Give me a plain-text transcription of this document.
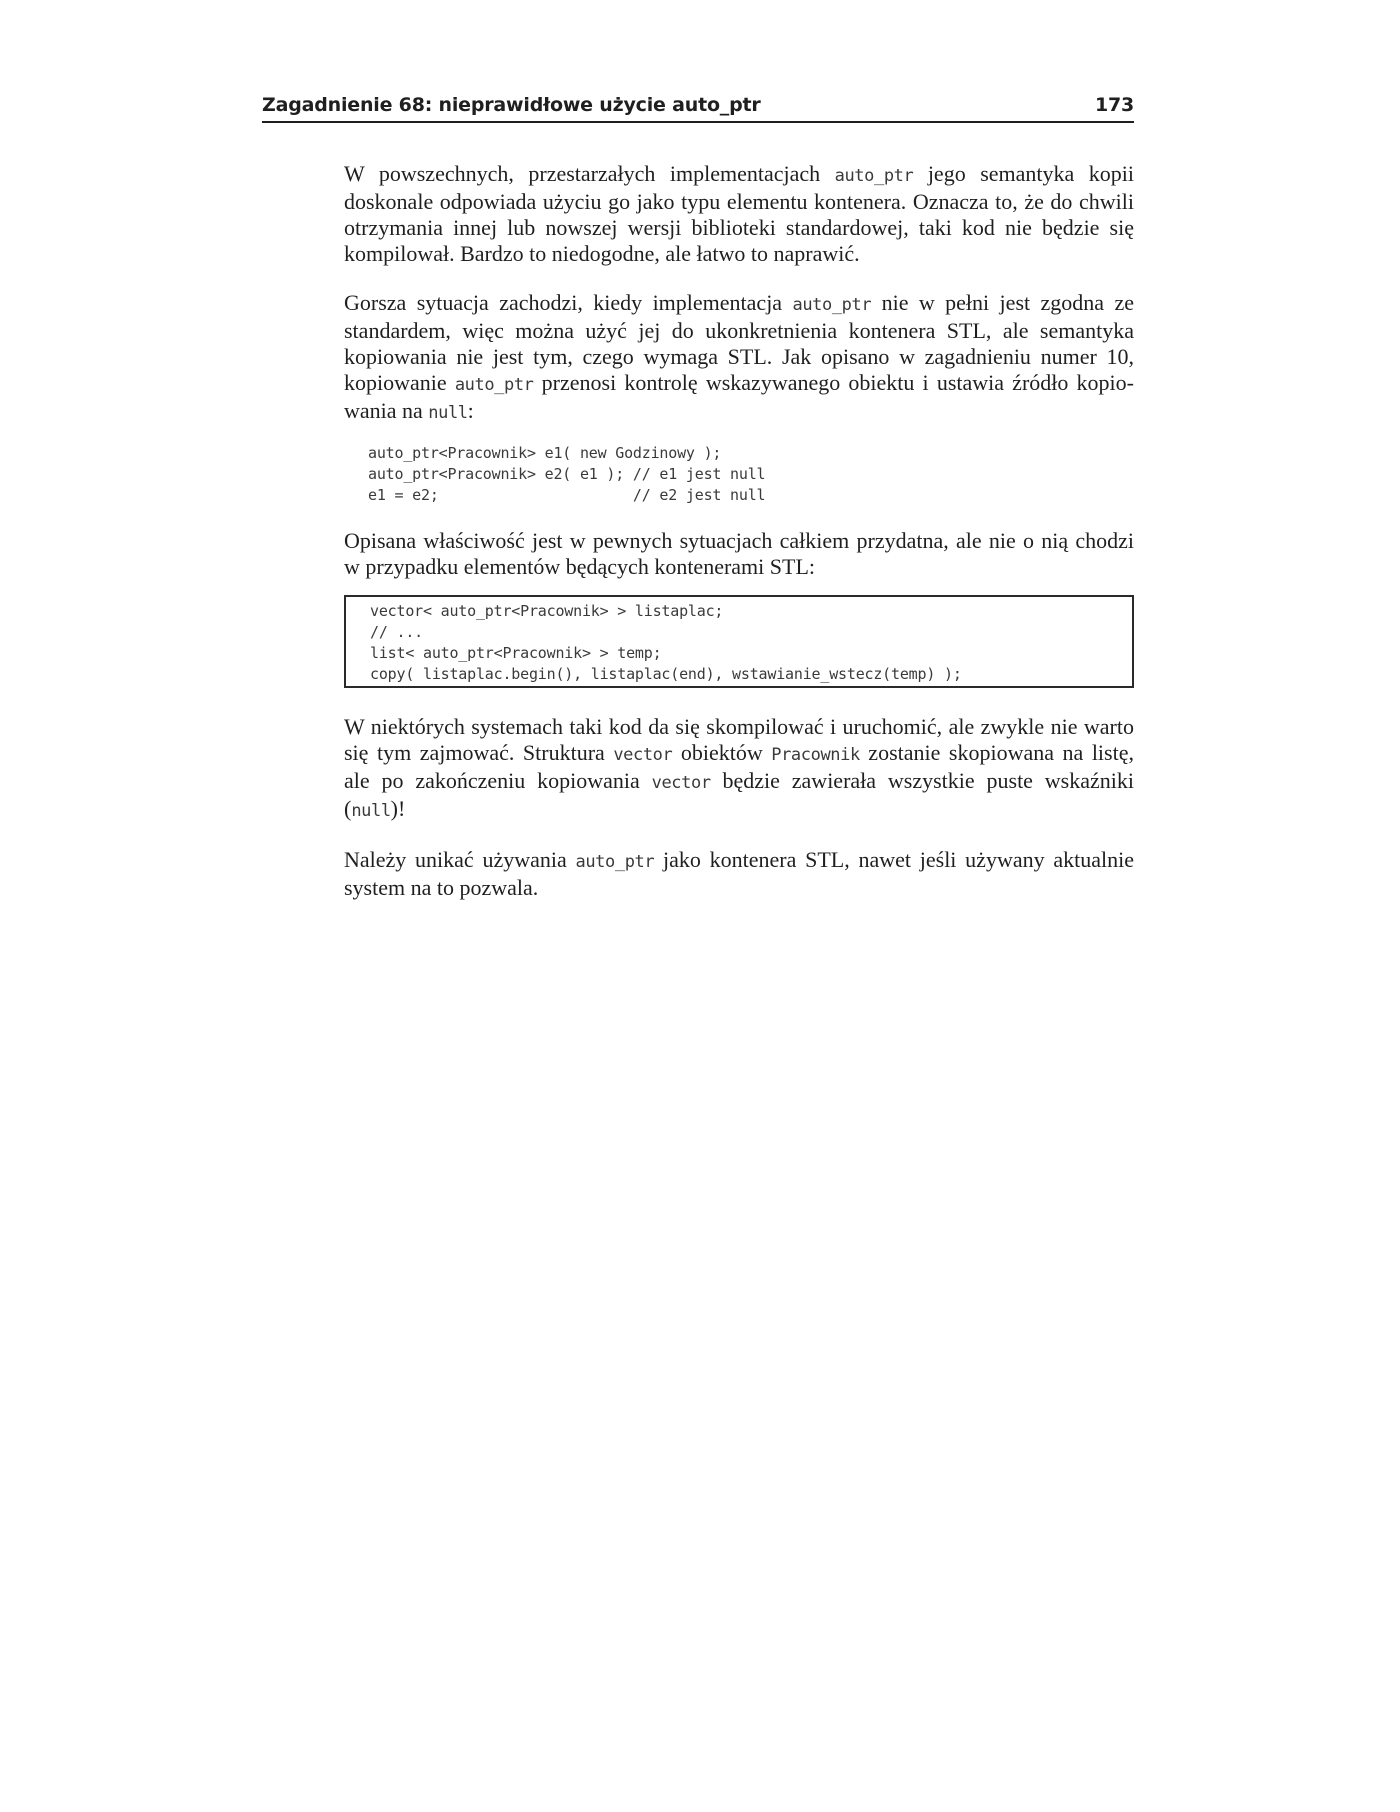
Zagadnienie 68: nieprawidłowe użycie auto_ptr	173

W powszechnych, przestarzałych implementacjach auto_ptr jego semantyka kopii doskonale odpowiada użyciu go jako typu elementu kontenera. Oznacza to, że do chwili otrzymania innej lub nowszej wersji biblioteki standardowej, taki kod nie będzie się kompilował. Bardzo to niedogodne, ale łatwo to naprawić.

Gorsza sytuacja zachodzi, kiedy implementacja auto_ptr nie w pełni jest zgodna ze standardem, więc można użyć jej do ukonkretnienia kontenera STL, ale semantyka kopiowania nie jest tym, czego wymaga STL. Jak opisano w zagadnieniu numer 10, kopiowanie auto_ptr przenosi kontrolę wskazywanego obiektu i ustawia źródło kopio-wania na null:

auto_ptr<Pracownik> e1( new Godzinowy );
auto_ptr<Pracownik> e2( e1 ); // e1 jest null
e1 = e2;                      // e2 jest null

Opisana właściwość jest w pewnych sytuacjach całkiem przydatna, ale nie o nią chodzi w przypadku elementów będących kontenerami STL:

vector< auto_ptr<Pracownik> > listaplac;
// ...
list< auto_ptr<Pracownik> > temp;
copy( listaplac.begin(), listaplac(end), wstawianie_wstecz(temp) );

W niektórych systemach taki kod da się skompilować i uruchomić, ale zwykle nie warto się tym zajmować. Struktura vector obiektów Pracownik zostanie skopiowana na listę, ale po zakończeniu kopiowania vector będzie zawierała wszystkie puste wskaźniki (null)!

Należy unikać używania auto_ptr jako kontenera STL, nawet jeśli używany aktualnie system na to pozwala.
